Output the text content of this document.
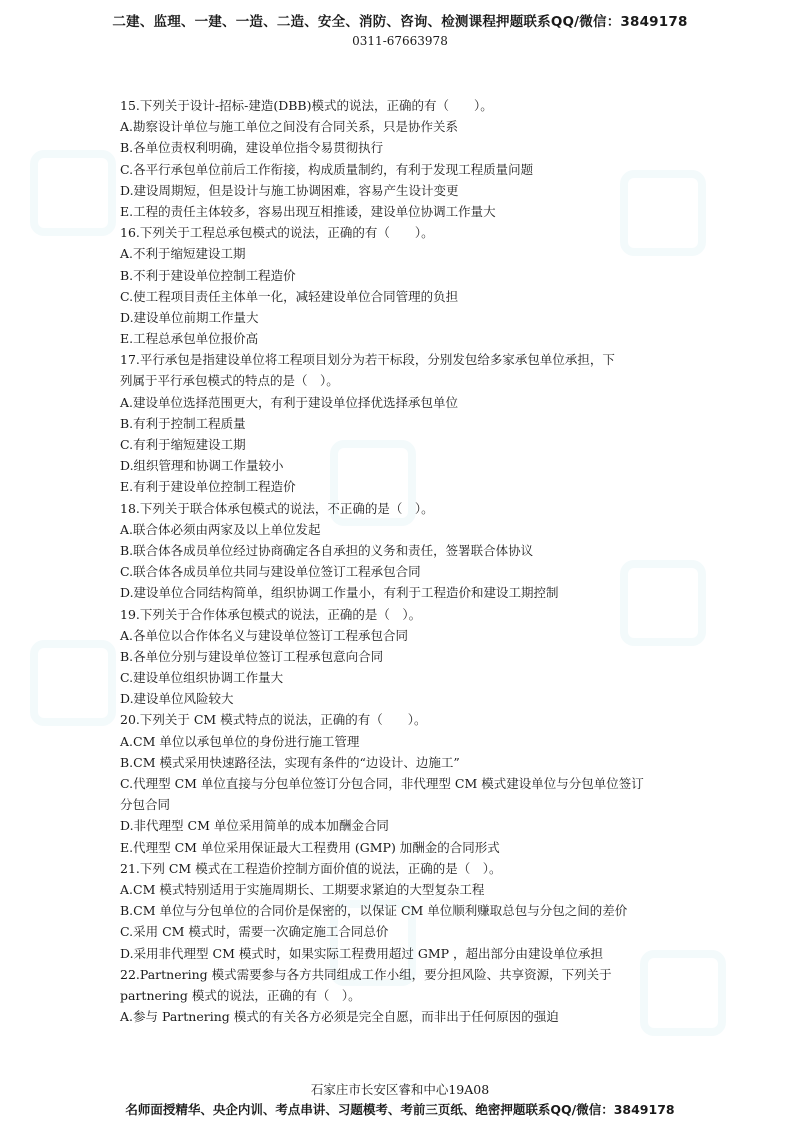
二建、监理、一建、一造、二造、安全、消防、咨询、检测课程押题联系QQ/微信：3849178
0311-67663978
15.下列关于设计-招标-建造(DBB)模式的说法，正确的有（　　）。
A.勘察设计单位与施工单位之间没有合同关系，只是协作关系
B.各单位责权利明确，建设单位指令易贯彻执行
C.各平行承包单位前后工作衔接，构成质量制约，有利于发现工程质量问题
D.建设周期短，但是设计与施工协调困难，容易产生设计变更
E.工程的责任主体较多，容易出现互相推诿，建设单位协调工作量大
16.下列关于工程总承包模式的说法，正确的有（　　）。
A.不利于缩短建设工期
B.不利于建设单位控制工程造价
C.使工程项目责任主体单一化，减轻建设单位合同管理的负担
D.建设单位前期工作量大
E.工程总承包单位报价高
17.平行承包是指建设单位将工程项目划分为若干标段，分别发包给多家承包单位承担，下
列属于平行承包模式的特点的是（　）。
A.建设单位选择范围更大，有利于建设单位择优选择承包单位
B.有利于控制工程质量
C.有利于缩短建设工期
D.组织管理和协调工作量较小
E.有利于建设单位控制工程造价
18.下列关于联合体承包模式的说法，不正确的是（　）。
A.联合体必须由两家及以上单位发起
B.联合体各成员单位经过协商确定各自承担的义务和责任，签署联合体协议
C.联合体各成员单位共同与建设单位签订工程承包合同
D.建设单位合同结构简单，组织协调工作量小，有利于工程造价和建设工期控制
19.下列关于合作体承包模式的说法，正确的是（　）。
A.各单位以合作体名义与建设单位签订工程承包合同
B.各单位分别与建设单位签订工程承包意向合同
C.建设单位组织协调工作量大
D.建设单位风险较大
20.下列关于 CM 模式特点的说法，正确的有（　　）。
A.CM 单位以承包单位的身份进行施工管理
B.CM 模式采用快速路径法，实现有条件的“边设计、边施工”
C.代理型 CM 单位直接与分包单位签订分包合同，非代理型 CM 模式建设单位与分包单位签订
分包合同
D.非代理型 CM 单位采用简单的成本加酬金合同
E.代理型 CM 单位采用保证最大工程费用 (GMP) 加酬金的合同形式
21.下列 CM 模式在工程造价控制方面价值的说法，正确的是（　）。
A.CM 模式特别适用于实施周期长、工期要求紧迫的大型复杂工程
B.CM 单位与分包单位的合同价是保密的，以保证 CM 单位顺利赚取总包与分包之间的差价
C.采用 CM 模式时，需要一次确定施工合同总价
D.采用非代理型 CM 模式时，如果实际工程费用超过 GMP ，超出部分由建设单位承担
22.Partnering 模式需要参与各方共同组成工作小组，要分担风险、共享资源，下列关于
partnering 模式的说法，正确的有（　）。
A.参与 Partnering 模式的有关各方必须是完全自愿，而非出于任何原因的强迫
石家庄市长安区睿和中心19A08
名师面授精华、央企内训、考点串讲、习题模考、考前三页纸、绝密押题联系QQ/微信：3849178
